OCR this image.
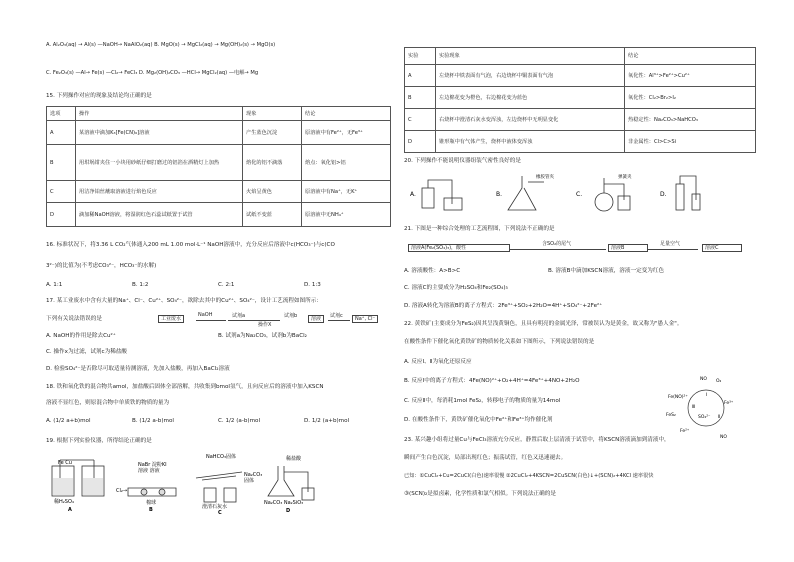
A. Al₂O₃(aq) → Al(s) —NaOH→ NaAlO₂(aq) B. MgO(s) → MgCl₂(aq) → Mg(OH)₂(s) → MgO(s)
C. Fe₂O₃(s) —Al→ Fe(s) —Cl₂→ FeCl₃ D. Mg₂(OH)₂CO₃ —HCl→ MgCl₂(aq) —电解→ Mg
15. 下列操作对应的现象及结论均正确的是
选项	操作	现象	结论
A	某溶液中滴加K₃[Fe(CN)₆]溶液	产生蓝色沉淀	原溶液中有Fe²⁺，无Fe³⁺
B	用坩埚钳夹住一小块用砂纸仔细打磨过的铝箔在酒精灯上加热	熔化的铝不滴落	熔点：氧化铝>铝
C	用洁净铂丝蘸取溶液进行焰色反应	火焰呈黄色	原溶液中有Na⁺，无K⁺
D	滴加稀NaOH溶液，将湿润红色石蕊试纸置于试管	试纸不变蓝	原溶液中无NH₄⁺
16. 标准状况下，将3.36 L CO₂气体通入200 mL 1.00 mol·L⁻¹ NaOH溶液中，充分反应后溶液中c(HCO₃⁻)与c(CO
3²⁻)的比值为(不考虑CO₃²⁻，HCO₃⁻的水解)
A. 1:1	B. 1:2	C. 2:1	D. 1:3
17. 某工业废水中含有大量的Na⁺、Cl⁻、Cu²⁺、SO₄²⁻，欲除去其中的Cu²⁺、SO₄²⁻，设计工艺流程如图所示：
下列有关说法错误的是	工业废水
NaOH	试剂a
操作X
试剂b	溶液	试剂c	Na⁺, Cl⁻
A. NaOH的作用是除去Cu²⁺	B. 试剂a为Na₂CO₃，试剂b为BaCl₂
C. 操作x为过滤，试剂c为稀盐酸
D. 检验SO₄²⁻是否除尽可取适量待测溶液，先加入盐酸，再加入BaCl₂溶液
18. 铁和氧化铁的混合物共amol，加盐酸后固体全部溶解，共收集到bmol氢气，且向反应后的溶液中加入KSCN
溶液不显红色，则原混合物中单质铁的物质的量为
A. (1/2 a+b)mol	B. (1/2 a-b)mol	C. 1/2 (a-b)mol	D. 1/2 (a+b)mol
19. 根据下列实验仪器，所得结论正确的是
Fe Cu
稀H₂SO₄
A
NaBr 淀粉KI
溶液 溶液
Cl₂→
棉球
B
NaHCO₃固体
Na₂CO₃
固体
澄清石灰水
C
稀盐酸
Na₂CO₃ Na₂SiO₃
D
实验	实验现象	结论
A	左烧杯中铁表面有气泡，右边烧杯中铜表面有气泡	氧化性：Al³⁺>Fe²⁺>Cu²⁺
B	左边棉花变为橙色，右边棉花变为蓝色	氧化性：Cl₂>Br₂>I₂
C	右烧杯中澄清石灰水变浑浊，左边烧杯中无明显变化	热稳定性：Na₂CO₃>NaHCO₃
D	锥形瓶中有气体产生，烧杯中液体变浑浊	非金属性：Cl>C>Si
20. 下列操作不能说明仪器组装气密性良好的是
A.	B.
橡胶管夹
C.
弹簧夹
D.
21. 下图是一种综合处理的工艺流程图，下列说法不正确的是
溶液A(Fe₂(SO₄)₃)，酸性
含SO₂的尾气
溶液B
足量空气
溶液C
A. 溶液酸性：A>B>C	B. 溶液B中滴加KSCN溶液，溶液一定变为红色
C. 溶液C的主要成分为H₂SO₄和Fe₂(SO₄)₃
D. 溶液A转化为溶液B的离子方程式：2Fe³⁺+SO₂+2H₂O=4H⁺+SO₄²⁻+2Fe²⁺
22. 黄铁矿(主要成分为FeS₂)因其呈浅黄铜色，且具有明亮的金属光泽，常被误认为是黄金，故又称为"愚人金"。
在酸性条件下催化氧化黄铁矿的物质转化关系如下图所示，下列说法错误的是
A. 反应Ⅰ、Ⅱ为氧化还原反应
B. 反应Ⅰ中的离子方程式：4Fe(NO)²⁺+O₂+4H⁺=4Fe³⁺+4NO+2H₂O
C. 反应Ⅱ中，每消耗1mol FeS₂，转移电子的物质的量为14mol
D. 在酸性条件下，黄铁矿催化氧化中Fe²⁺和Fe³⁺均作催化剂
NO O₂
Fe(NO)²⁺
Fe³⁺
FeS₂	SO₄²⁻
Fe²⁺
Ⅰ
Ⅱ
Ⅲ
NO
23. 某兴趣小组将过量Cu与FeCl₃溶液充分反应，静置后取上层清液于试管中，将KSCN溶液滴加到清液中，
瞬间产生白色沉淀，局部出现红色；振荡试管，红色又迅速褪去。
已知：①CuCl₂+Cu=2CuCl(白色)速率很慢 ②2CuCl₂+4KSCN=2CuSCN(白色)↓+(SCN)₂+4KCl 速率很快
③(SCN)₂是拟卤素，化学性质和氯气相似。下列说法正确的是
